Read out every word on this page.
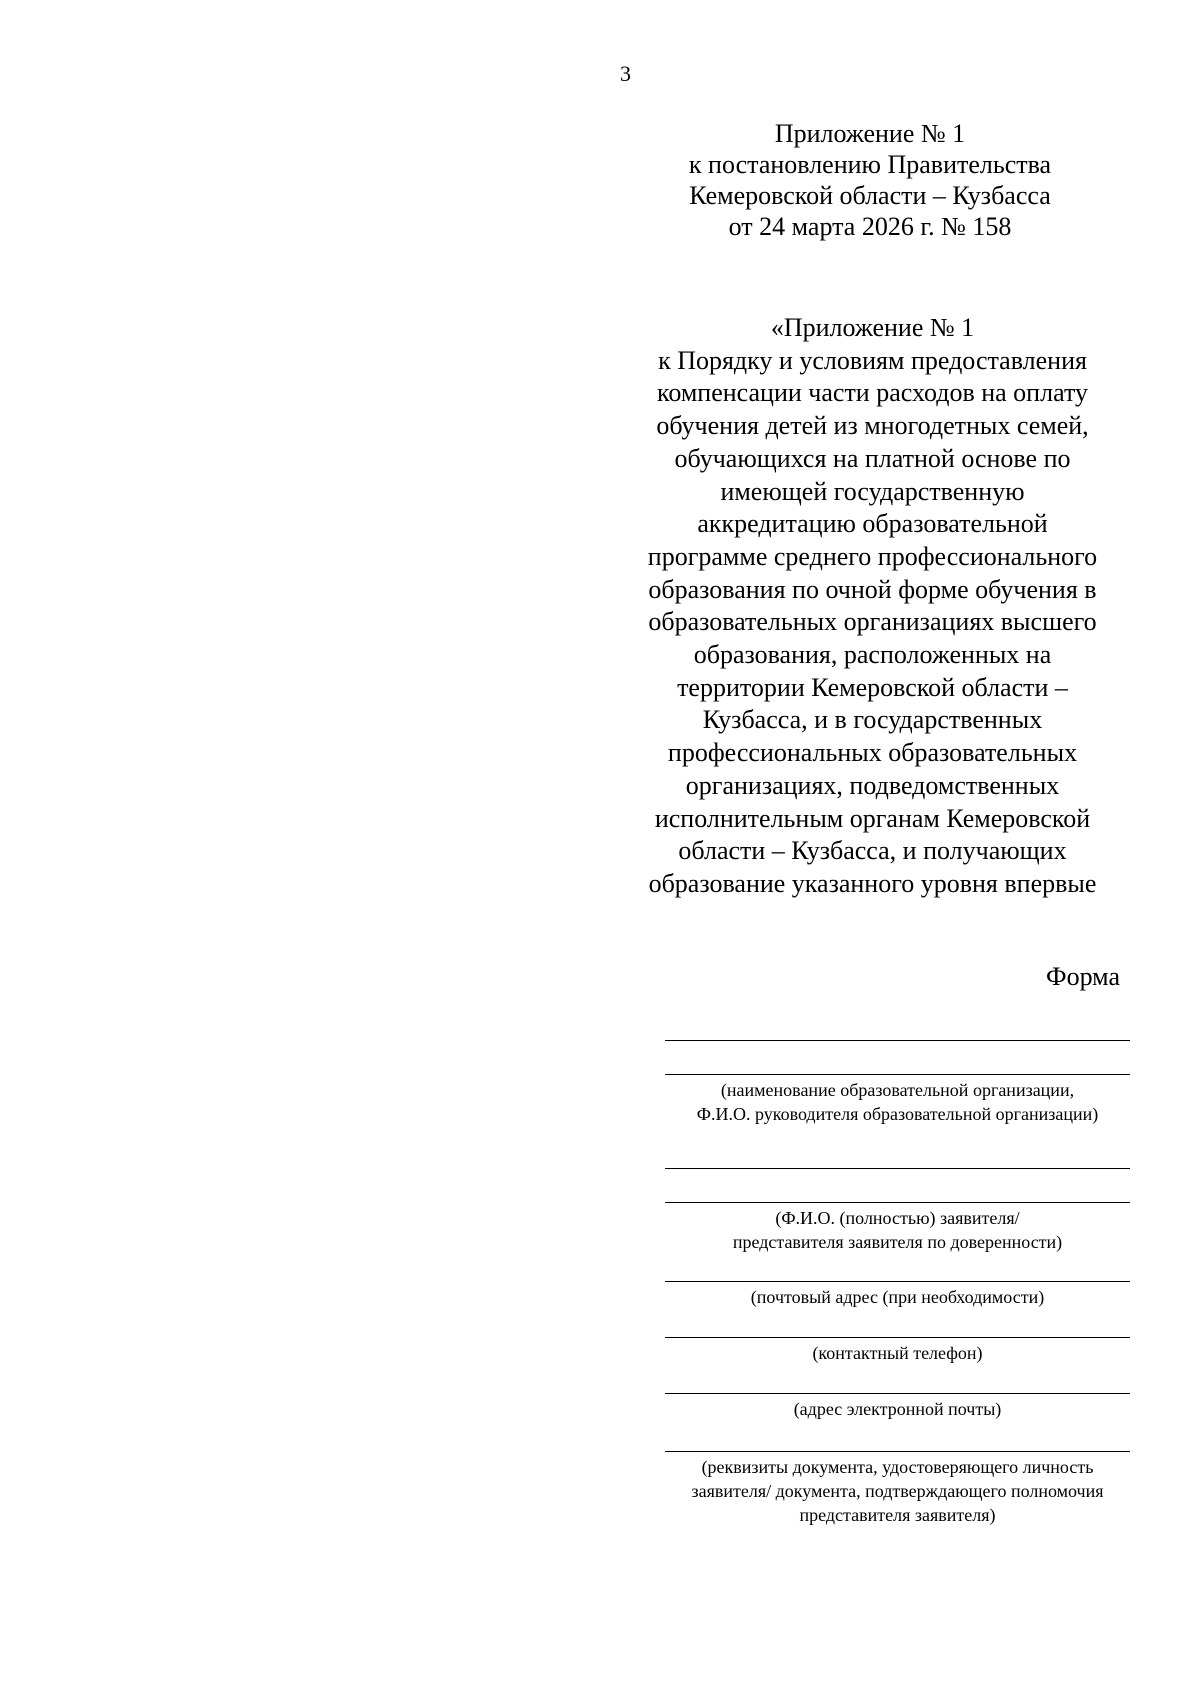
3
Приложение № 1
к постановлению Правительства
Кемеровской области – Кузбасса
от 24 марта 2026 г. № 158
«Приложение № 1
к Порядку и условиям предоставления
компенсации части расходов на оплату
обучения детей из многодетных семей,
обучающихся на платной основе по
имеющей государственную
аккредитацию образовательной
программе среднего профессионального
образования по очной форме обучения в
образовательных организациях высшего
образования, расположенных на
территории Кемеровской области –
Кузбасса, и в государственных
профессиональных образовательных
организациях, подведомственных
исполнительным органам Кемеровской
области – Кузбасса, и получающих
образование указанного уровня впервые
Форма
(наименование образовательной организации,
Ф.И.О. руководителя образовательной организации)
(Ф.И.О. (полностью) заявителя/
представителя заявителя по доверенности)
(почтовый адрес (при необходимости)
(контактный телефон)
(адрес электронной почты)
(реквизиты документа, удостоверяющего личность
заявителя/ документа, подтверждающего полномочия
представителя заявителя)
